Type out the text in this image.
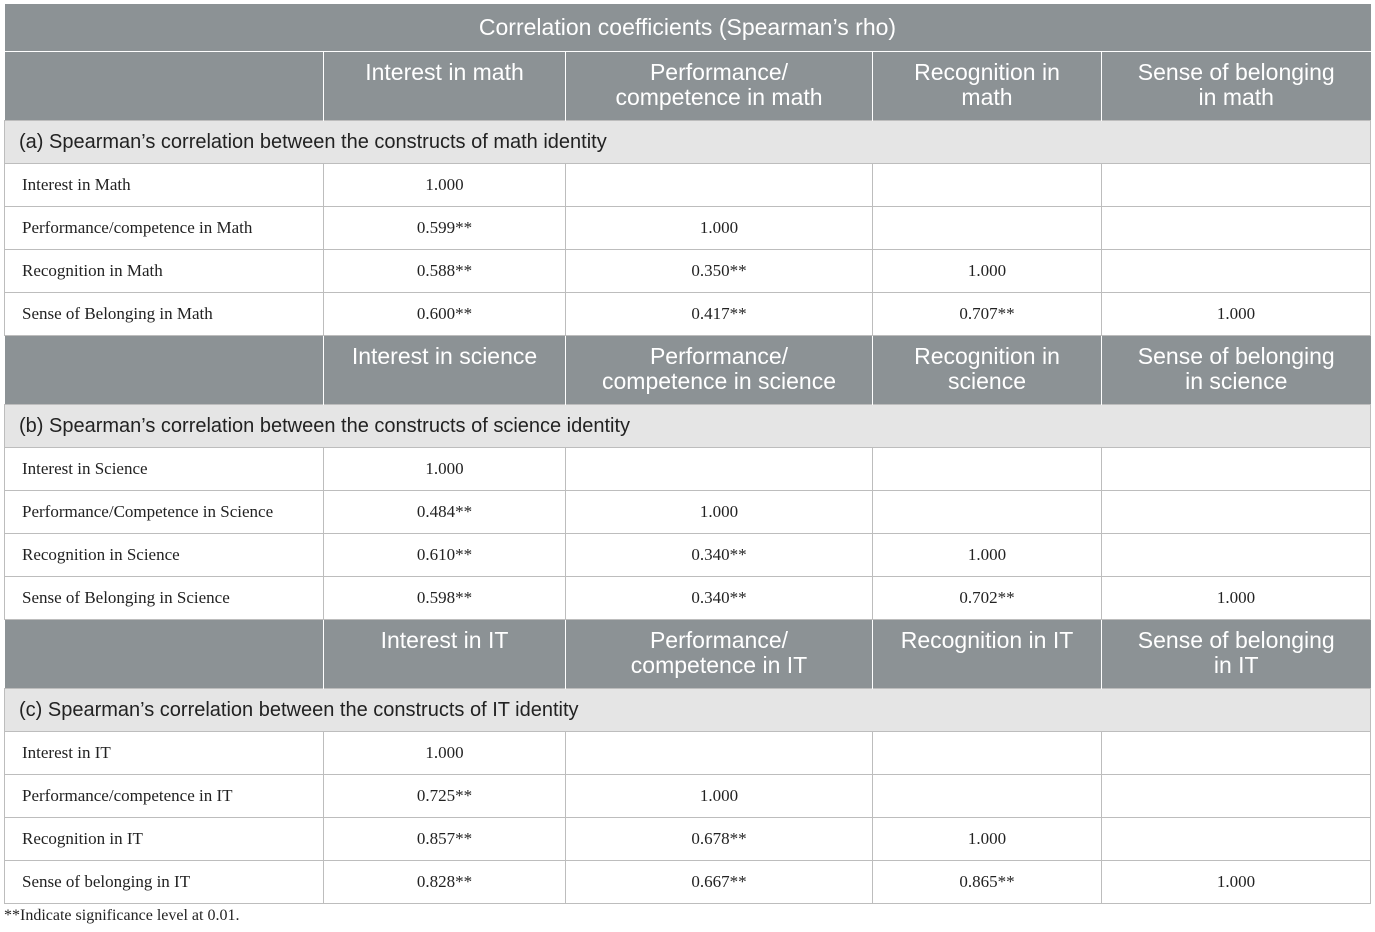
Correlation coefficients (Spearman’s rho)				
	Interest in math	Performance/
competence in math	Recognition in
math	Sense of belonging
in math
(a) Spearman’s correlation between the constructs of math identity				
Interest in Math	1.000			
Performance/competence in Math	0.599**	1.000		
Recognition in Math	0.588**	0.350**	1.000	
Sense of Belonging in Math	0.600**	0.417**	0.707**	1.000
	Interest in science	Performance/
competence in science	Recognition in
science	Sense of belonging
in science
(b) Spearman’s correlation between the constructs of science identity				
Interest in Science	1.000			
Performance/Competence in Science	0.484**	1.000		
Recognition in Science	0.610**	0.340**	1.000	
Sense of Belonging in Science	0.598**	0.340**	0.702**	1.000
	Interest in IT	Performance/
competence in IT	Recognition in IT	Sense of belonging
in IT
(c) Spearman’s correlation between the constructs of IT identity				
Interest in IT	1.000			
Performance/competence in IT	0.725**	1.000		
Recognition in IT	0.857**	0.678**	1.000	
Sense of belonging in IT	0.828**	0.667**	0.865**	1.000
**Indicate significance level at 0.01.
